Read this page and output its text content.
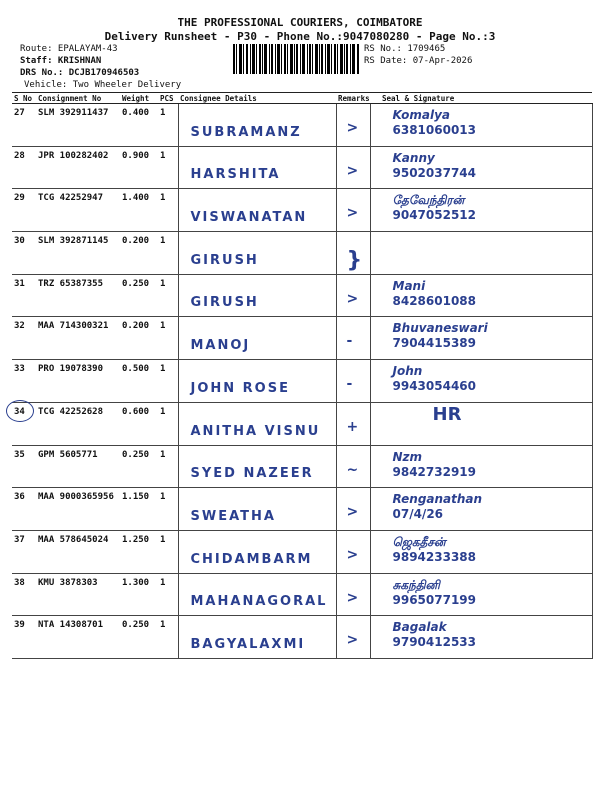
THE PROFESSIONAL COURIERS, COIMBATORE
Delivery Runsheet - P30 - Phone No.:9047080280 - Page No.:3
Route: EPALAYAM-43
Staff: KRISHNAN
DRS No.: DCJB170946503
Vehicle: Two Wheeler Delivery
RS No.: 1709465
RS Date: 07-Apr-2026
S No	Consignment No	Weight	PCS	Consignee Details	Remarks	Seal & Signature
27	SLM 392911437	0.400	1	SUBRAMANZ	>	Komalya
6381060013

28	JPR 100282402	0.900	1	HARSHITA	>	Kanny
9502037744

29	TCG 42252947	1.400	1	VISWANATAN	>	தேவேந்திரன்
9047052512

30	SLM 392871145	0.200	1	GIRUSH	}	

31	TRZ 65387355	0.250	1	GIRUSH	>	Mani
8428601088

32	MAA 714300321	0.200	1	MANOJ	-	Bhuvaneswari
7904415389

33	PRO 19078390	0.500	1	JOHN ROSE	-	John
9943054460

34	TCG 42252628	0.600	1	ANITHA VISNU	+	HR

35	GPM 5605771	0.250	1	SYED NAZEER	~	Nzm
9842732919

36	MAA 9000365956	1.150	1	SWEATHA	>	Renganathan
07/4/26

37	MAA 578645024	1.250	1	CHIDAMBARM	>	ஜெகதீசன்
9894233388

38	KMU 3878303	1.300	1	MAHANAGORAL	>	சுகந்தினி
9965077199

39	NTA 14308701	0.250	1	BAGYALAXMI	>	Bagalak
9790412533
